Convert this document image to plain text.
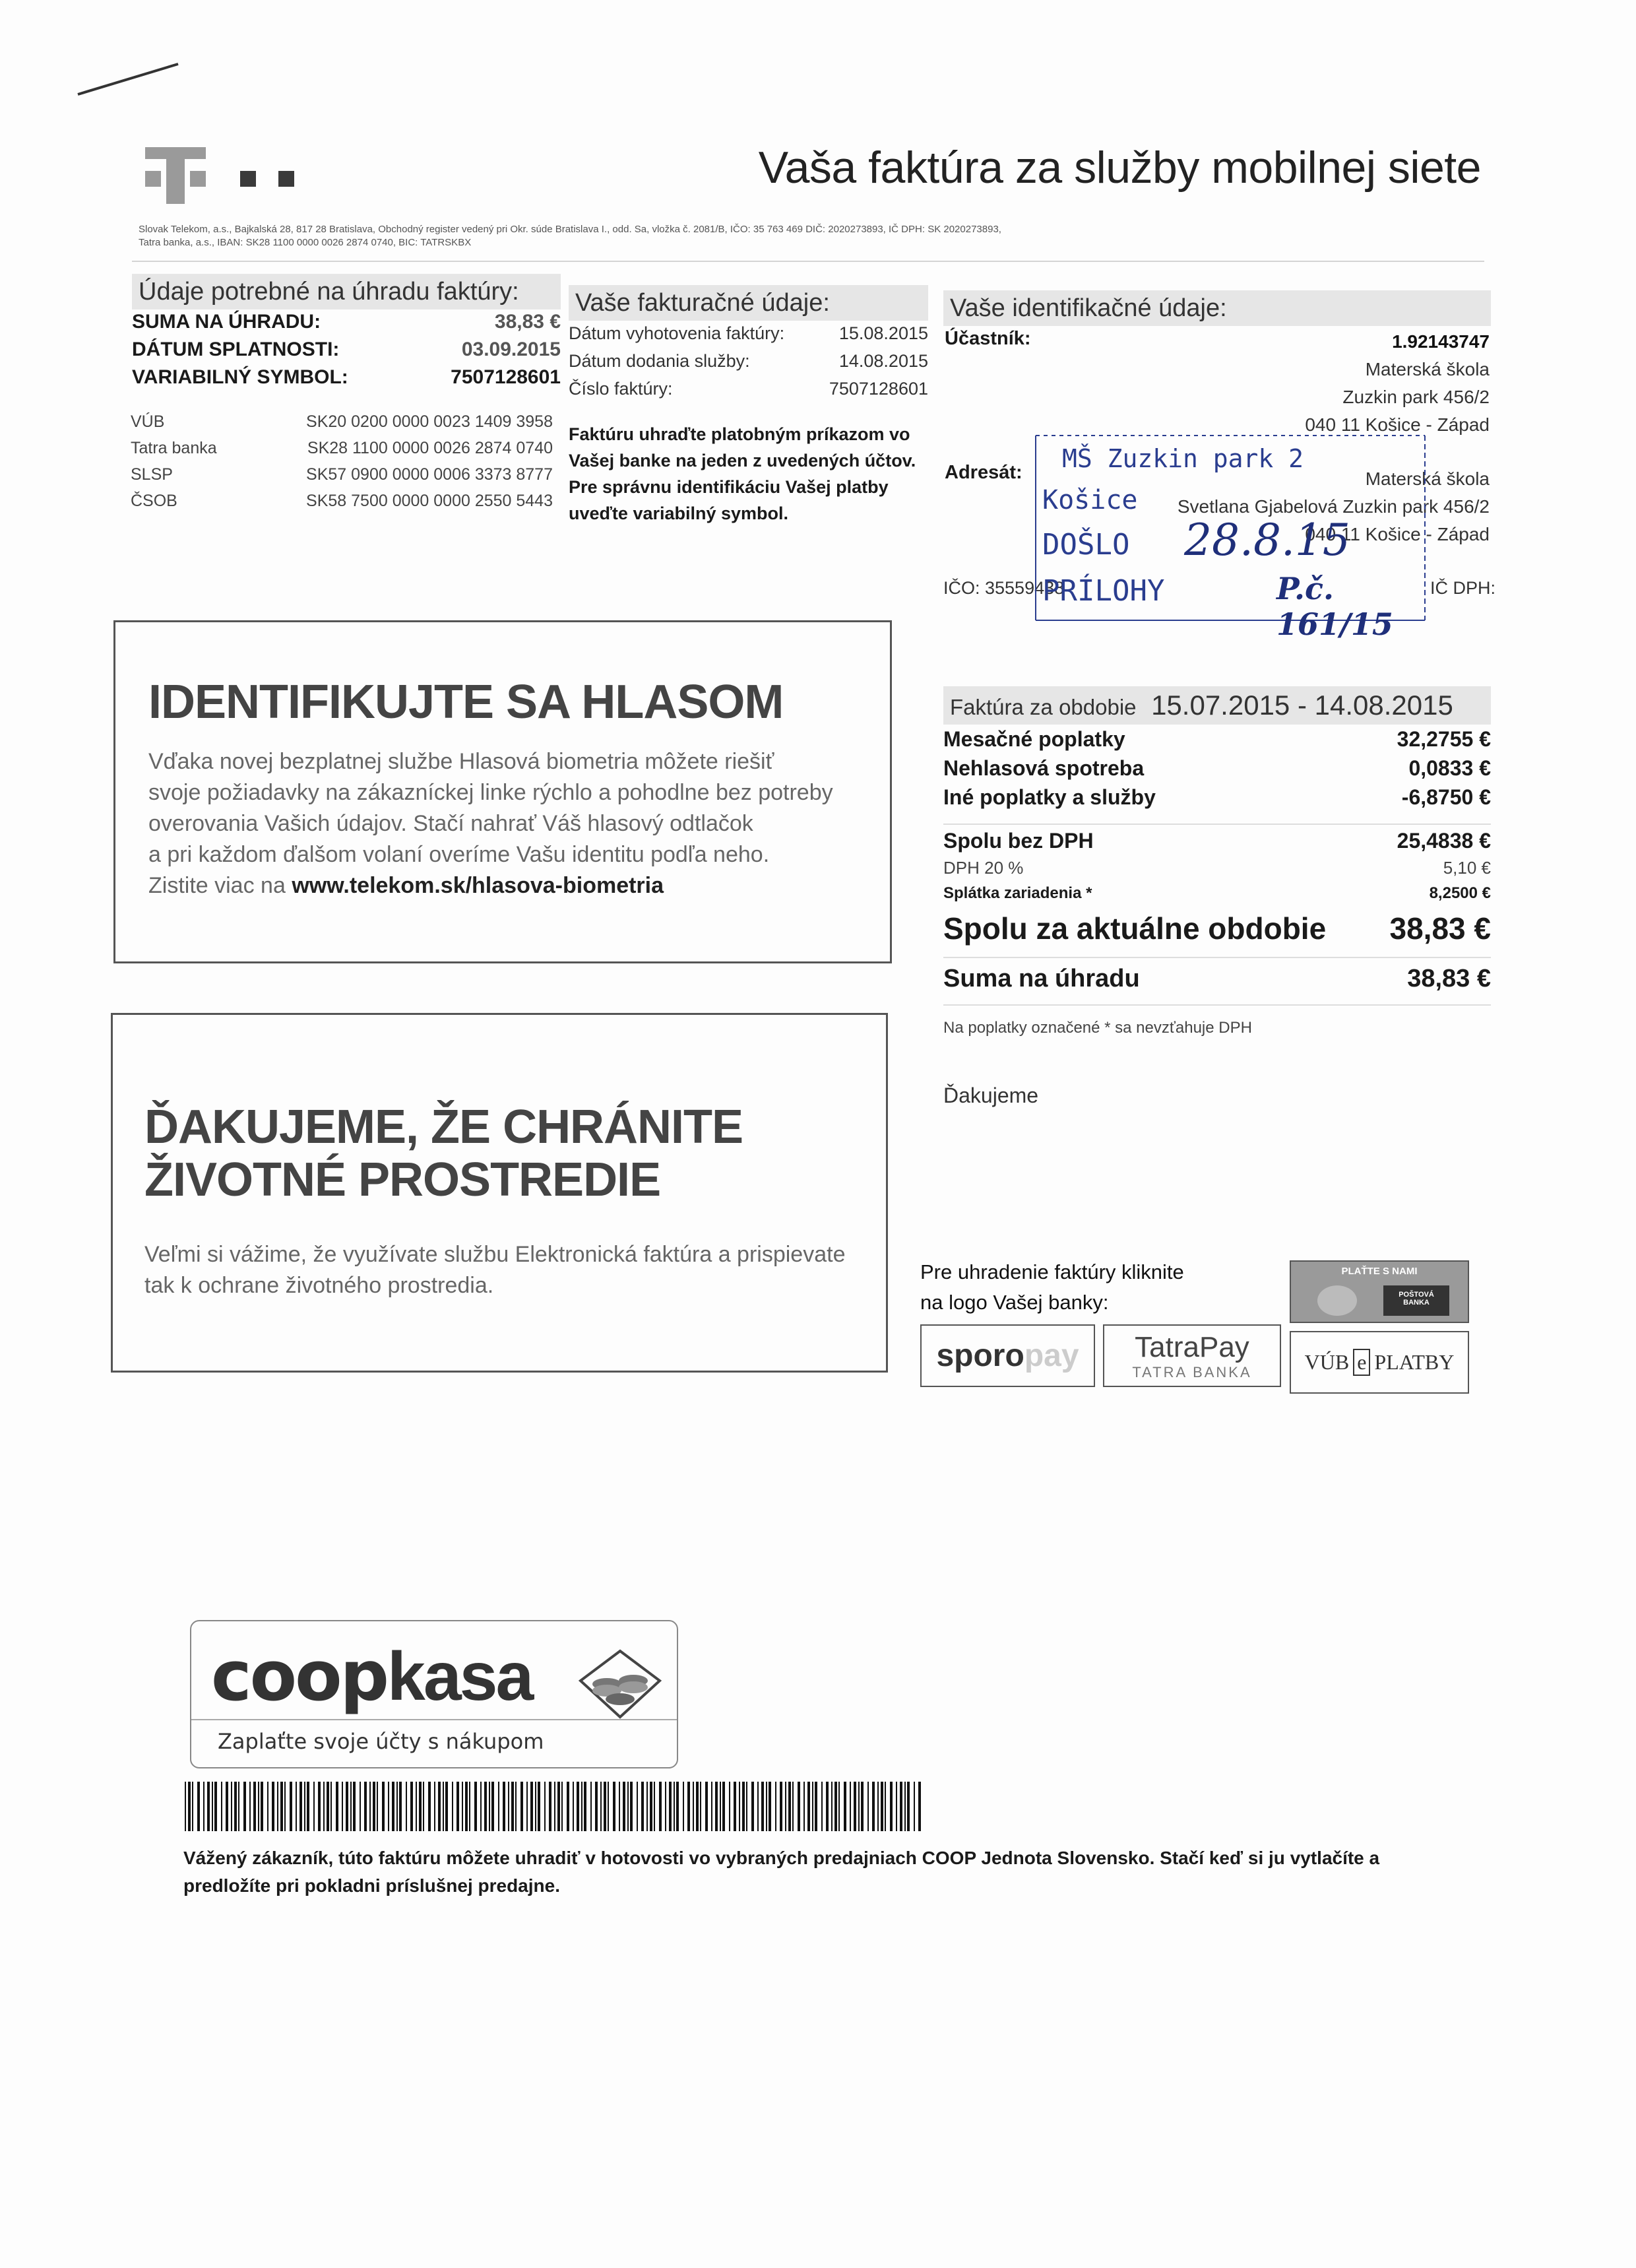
Vaša faktúra za služby mobilnej siete
Slovak Telekom, a.s., Bajkalská 28, 817 28 Bratislava, Obchodný register vedený pri Okr. súde Bratislava I., odd. Sa, vložka č. 2081/B, IČO: 35 763 469 DIČ: 2020273893, IČ DPH: SK 2020273893,
Tatra banka, a.s., IBAN: SK28 1100 0000 0026 2874 0740, BIC: TATRSKBX
Údaje potrebné na úhradu faktúry:
SUMA NA ÚHRADU:	38,83 €
DÁTUM SPLATNOSTI:	03.09.2015
VARIABILNÝ SYMBOL:	7507128601
VÚB	SK20 0200 0000 0023 1409 3958
Tatra banka	SK28 1100 0000 0026 2874 0740
SLSP	SK57 0900 0000 0006 3373 8777
ČSOB	SK58 7500 0000 0000 2550 5443
Vaše fakturačné údaje:
Dátum vyhotovenia faktúry:	15.08.2015
Dátum dodania služby:	14.08.2015
Číslo faktúry:	7507128601
Faktúru uhraďte platobným príkazom vo Vašej banke na jeden z uvedených účtov. Pre správnu identifikáciu Vašej platby uveďte variabilný symbol.
Vaše identifikačné údaje:
Účastník:	1.92143747
Materská škola
Zuzkin park 456/2
040 11 Košice - Západ
Adresát:	Materská škola
Svetlana Gjabelová Zuzkin park 456/2
040 11 Košice - Západ
IČO: 35559438	IČ DPH:
MŠ Zuzkin park 2
Košice
DOŠLO
PRÍLOHY
28.8.15
P.č. 161/15
IDENTIFIKUJTE SA HLASOM
Vďaka novej bezplatnej službe Hlasová biometria môžete riešiť
svoje požiadavky na zákazníckej linke rýchlo a pohodlne bez potreby
overovania Vašich údajov. Stačí nahrať Váš hlasový odtlačok
a pri každom ďalšom volaní overíme Vašu identitu podľa neho.
Zistite viac na www.telekom.sk/hlasova-biometria
ĎAKUJEME, ŽE CHRÁNITE
ŽIVOTNÉ PROSTREDIE
Veľmi si vážime, že využívate službu Elektronická faktúra a prispievate
tak k ochrane životného prostredia.
Faktúra za obdobie 15.07.2015 - 14.08.2015
Mesačné poplatky	32,2755 €
Nehlasová spotreba	0,0833 €
Iné poplatky a služby	-6,8750 €
Spolu bez DPH	25,4838 €
DPH 20 %	5,10 €
Splátka zariadenia *	8,2500 €
Spolu za aktuálne obdobie 38,83 €
Suma na úhradu	38,83 €
Na poplatky označené * sa nevzťahuje DPH
Ďakujeme
Pre uhradenie faktúry kliknite
na logo Vašej banky:
PLAŤTE S NAMI
POŠTOVÁ BANKA
sporo pay TatraPay
TATRA BANKA	VÚB e PLATBY
coopkasa
Zaplaťte svoje účty s nákupom
Vážený zákazník, túto faktúru môžete uhradiť v hotovosti vo vybraných predajniach COOP Jednota Slovensko. Stačí keď si ju vytlačíte a
predložíte pri pokladni príslušnej predajne.
